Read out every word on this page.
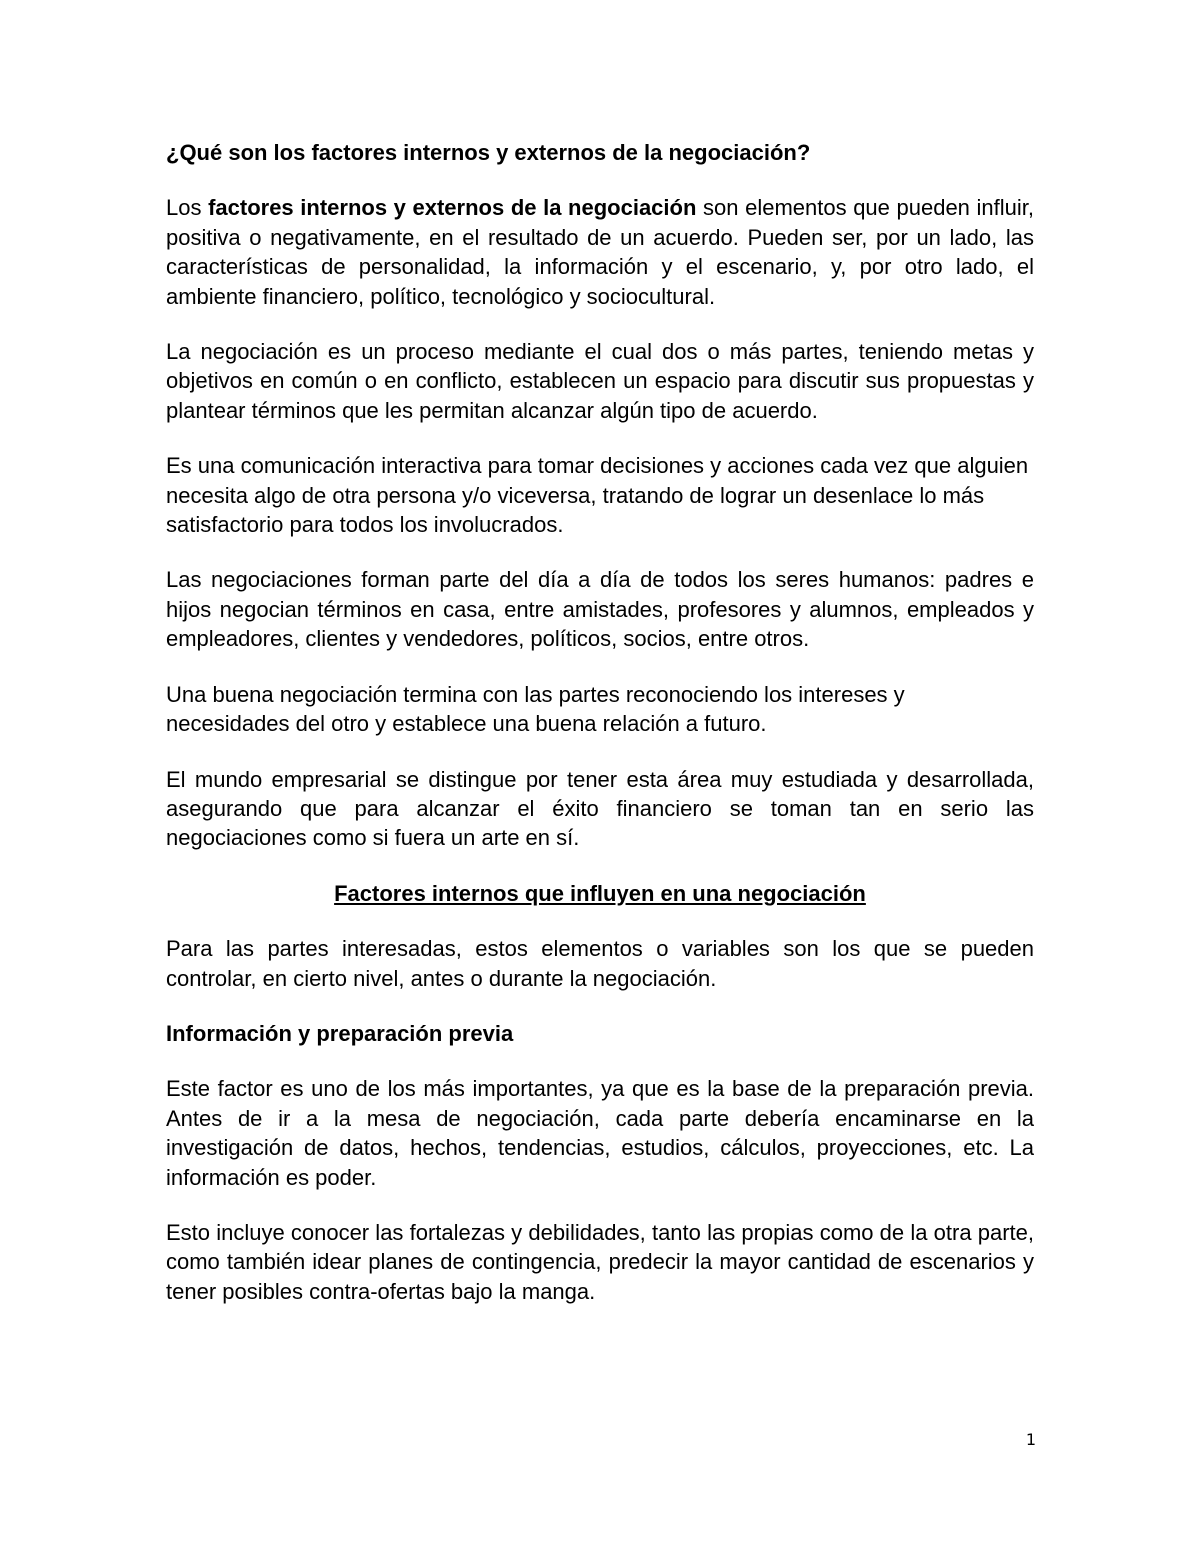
¿Qué son los factores internos y externos de la negociación?

Los factores internos y externos de la negociación son elementos que pueden influir, positiva o negativamente, en el resultado de un acuerdo. Pueden ser, por un lado, las características de personalidad, la información y el escenario, y, por otro lado, el ambiente financiero, político, tecnológico y sociocultural.

La negociación es un proceso mediante el cual dos o más partes, teniendo metas y objetivos en común o en conflicto, establecen un espacio para discutir sus propuestas y plantear términos que les permitan alcanzar algún tipo de acuerdo.

Es una comunicación interactiva para tomar decisiones y acciones cada vez que alguien necesita algo de otra persona y/o viceversa, tratando de lograr un desenlace lo más satisfactorio para todos los involucrados.

Las negociaciones forman parte del día a día de todos los seres humanos: padres e hijos negocian términos en casa, entre amistades, profesores y alumnos, empleados y empleadores, clientes y vendedores, políticos, socios, entre otros.

Una buena negociación termina con las partes reconociendo los intereses y necesidades del otro y establece una buena relación a futuro.

El mundo empresarial se distingue por tener esta área muy estudiada y desarrollada, asegurando que para alcanzar el éxito financiero se toman tan en serio las negociaciones como si fuera un arte en sí.

Factores internos que influyen en una negociación

Para las partes interesadas, estos elementos o variables son los que se pueden controlar, en cierto nivel, antes o durante la negociación.

Información y preparación previa

Este factor es uno de los más importantes, ya que es la base de la preparación previa. Antes de ir a la mesa de negociación, cada parte debería encaminarse en la investigación de datos, hechos, tendencias, estudios, cálculos, proyecciones, etc. La información es poder.

Esto incluye conocer las fortalezas y debilidades, tanto las propias como de la otra parte, como también idear planes de contingencia, predecir la mayor cantidad de escenarios y tener posibles contra-ofertas bajo la manga.

1
